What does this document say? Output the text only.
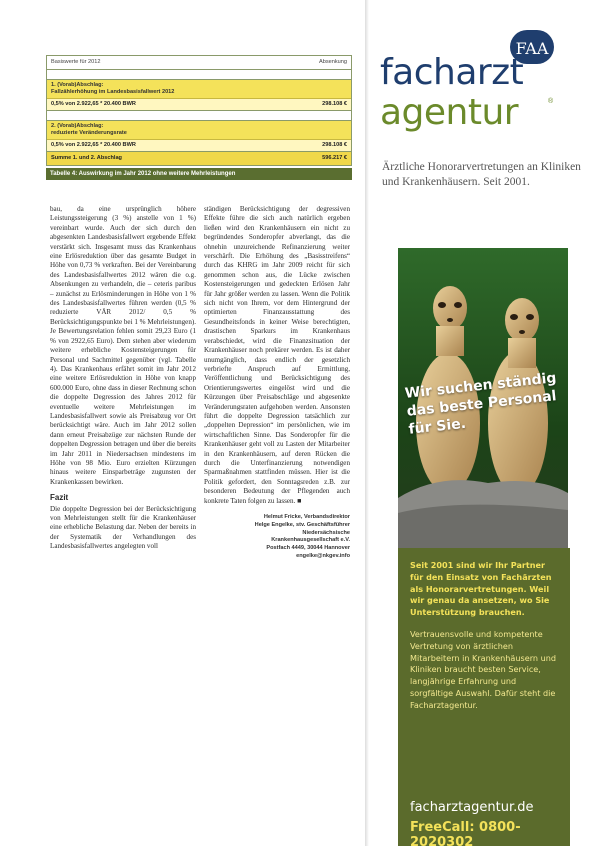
Basiswerte für 2012	Absenkung
1. (Vorab)Abschlag:
Fallzählerhöhung im Landesbasisfallwert 2012
0,5% von 2.922,65 * 20.400 BWR	298.108 €
2. (Vorab)Abschlag:
reduzierte Veränderungsrate
0,5% von 2.922,65 * 20.400 BWR	298.108 €
Summe 1. und 2. Abschlag	596.217 €
Tabelle 4: Auswirkung im Jahr 2012 ohne weitere Mehrleistungen

bau, da eine ursprünglich höhere Leistungssteigerung (3 %) anstelle von 1 %) vereinbart wurde. Auch der sich durch den abgesenkten Landesbasisfallwert ergebende Effekt verstärkt sich. Insgesamt muss das Krankenhaus eine Erlösreduktion über das gesamte Budget in Höhe von 0,73 % verkraften. Bei der Vereinbarung des Landesbasisfallwertes 2012 wären die o.g. Absenkungen zu verhandeln, die – ceteris paribus – zunächst zu Erlösminderungen in Höhe von 1 % des Landesbasisfallwertes führen werden (0,5 % reduzierte VÄR 2012/ 0,5 % Berücksichtigungspunkte bei 1 % Mehrleistungen). Je Bewertungsrelation fehlen somit 29,23 Euro (1 % von 2922,65 Euro). Dem stehen aber wiederum weitere erhebliche Kostensteigerungen für Personal und Sachmittel gegenüber (vgl. Tabelle 4). Das Krankenhaus erfährt somit im Jahr 2012 eine weitere Erlösreduktion in Höhe von knapp 600.000 Euro, ohne dass in dieser Rechnung schon die doppelte Degression des Jahres 2012 für eventuelle weitere Mehrleistungen im Landesbasisfallwert sowie als Preisabzug vor Ort berücksichtigt wäre. Auch im Jahr 2012 sollen dann erneut Preisabzüge zur nächsten Runde der doppelten Degression betragen und über die bereits im Jahr 2011 in Niedersachsen mindestens im Höhe von 98 Mio. Euro erzielten Kürzungen hinaus weitere Einsparbeträge zugunsten der Krankenkassen bewirken.

Fazit

Die doppelte Degression bei der Berücksichtigung von Mehrleistungen stellt für die Krankenhäuser eine erhebliche Belastung dar. Neben der bereits in der Systematik der Verhandlungen des Landesbasisfallwertes angelegten voll

ständigen Berücksichtigung der degressiven Effekte führe die sich auch natürlich ergeben ließen wird den Krankenhäusern ein nicht zu begründendes Sonderopfer abverlangt, das die ohnehin unzureichende Refinanzierung weiter verschärft. Die Erhöhung des „Basisstreifens“ durch das KHRG im Jahr 2009 reicht für sich genommen schon aus, die Lücke zwischen Kostensteigerungen und gedeckten Erlösen Jahr für Jahr größer werden zu lassen. Wenn die Politik sich nicht von Ihrem, vor dem Hintergrund der optimierten Finanzausstattung des Gesundheitsfonds in keiner Weise berechtigten, drastischen Sparkurs im Krankenhaus verabschiedet, wird die Finanzsituation der Krankenhäuser noch prekärer werden. Es ist daher unumgänglich, dass endlich der gesetzlich verbriefte Anspruch auf Ermittlung, Veröffentlichung und Berücksichtigung des Orientierungswertes eingelöst wird und die Kürzungen über Preisabschläge und abgesenkte Veränderungsraten aufgehoben werden. Ansonsten führt die doppelte Degression tatsächlich zur „doppelten Depression“ im persönlichen, wie im wirtschaftlichen Sinne. Das Sonderopfer für die Krankenhäuser geht voll zu Lasten der Mitarbeiter in den Krankenhäusern, auf deren Rücken die durch die Unterfinanzierung notwendigen Sparmaßnahmen stattfinden müssen. Hier ist die Politik gefordert, den Sonntagsreden z.B. zur besonderen Bedeutung der Pflegenden auch konkrete Taten folgen zu lassen. ■

Helmut Fricke, Verbandsdirektor
Helge Engelke, stv. Geschäftsführer
Niedersächsische
Krankenhausgesellschaft e.V.
Postfach 4449, 30044 Hannover
engelke@nkgev.info
FAA
facharzt
agentur	®
Ärztliche Honorarvertretungen an Kliniken und Krankenhäusern. Seit 2001.
Wir suchen ständig das beste Personal für Sie.
Seit 2001 sind wir Ihr Partner für den Einsatz von Fachärzten als Honorarvertretungen. Weil wir genau da ansetzen, wo Sie Unterstützung brauchen.
Vertrauensvolle und kompetente Vertretung von ärztlichen Mitarbeitern in Krankenhäusern und Kliniken braucht besten Service, langjährige Erfahrung und sorgfältige Auswahl. Dafür steht die Facharztagentur.
facharztagentur.de
FreeCall: 0800-2020302
